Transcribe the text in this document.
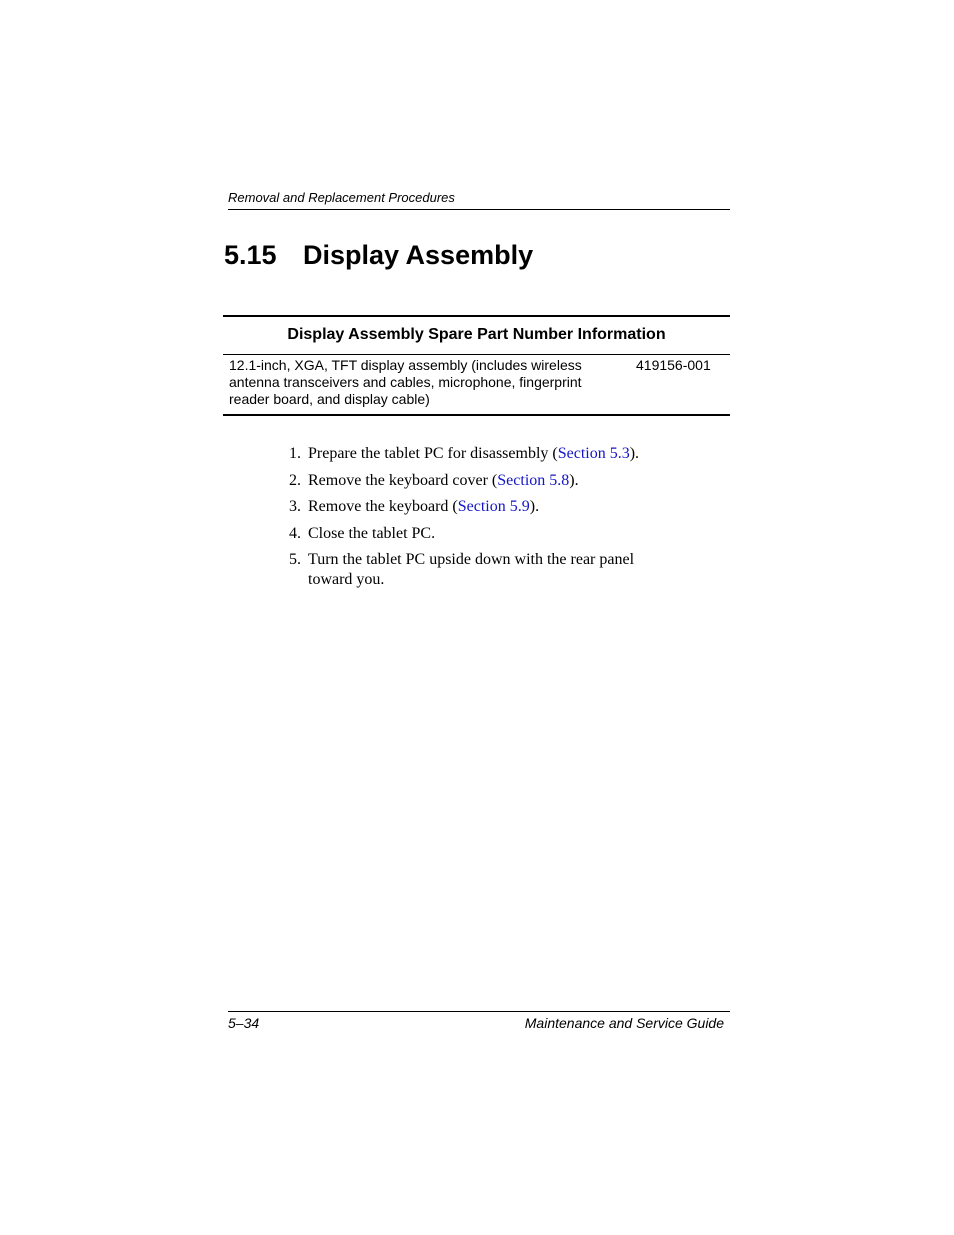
Removal and Replacement Procedures
5.15 Display Assembly
Display Assembly Spare Part Number Information
12.1-inch, XGA, TFT display assembly (includes wireless antenna transceivers and cables, microphone, fingerprint reader board, and display cable)
419156-001
1. Prepare the tablet PC for disassembly (Section 5.3).
2. Remove the keyboard cover (Section 5.8).
3. Remove the keyboard (Section 5.9).
4. Close the tablet PC.
5. Turn the tablet PC upside down with the rear panel toward you.
5–34	Maintenance and Service Guide
